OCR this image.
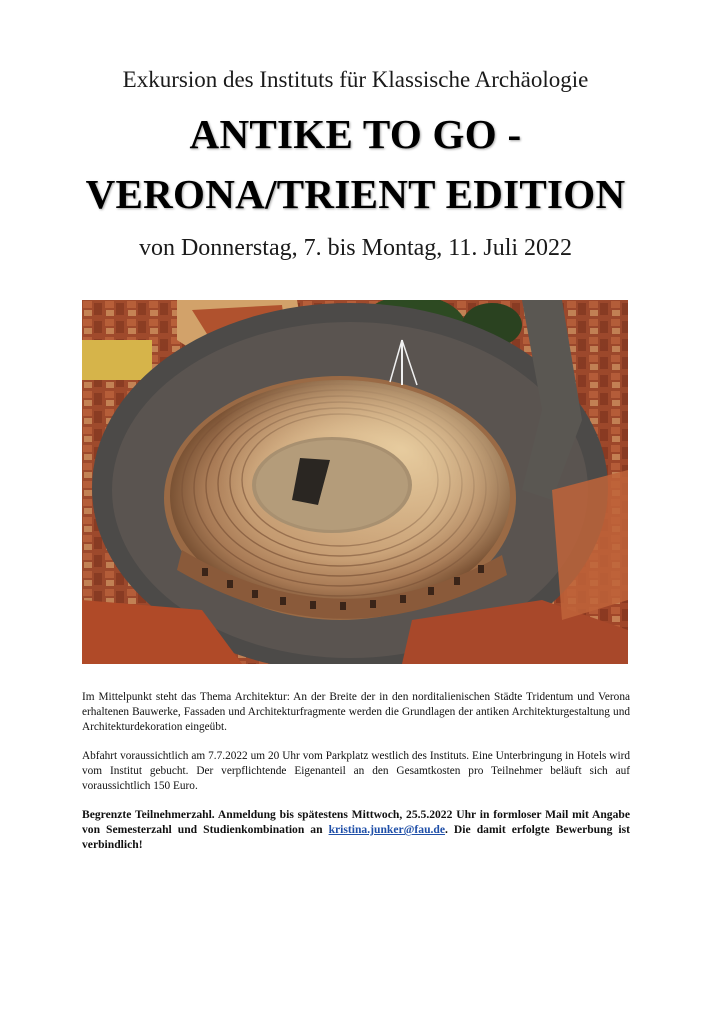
Exkursion des Instituts für Klassische Archäologie
ANTIKE TO GO -
VERONA/TRIENT EDITION
von Donnerstag, 7. bis Montag, 11. Juli 2022

Im Mittelpunkt steht das Thema Architektur: An der Breite der in den norditalienischen Städte Tridentum und Verona erhaltenen Bauwerke, Fassaden und Architekturfragmente werden die Grundlagen der antiken Architekturgestaltung und Architekturdekoration eingeübt.

Abfahrt voraussichtlich am 7.7.2022 um 20 Uhr vom Parkplatz westlich des Instituts. Eine Unterbringung in Hotels wird vom Institut gebucht. Der verpflichtende Eigenanteil an den Gesamtkosten pro Teilnehmer beläuft sich auf voraussichtlich 150 Euro.

Begrenzte Teilnehmerzahl. Anmeldung bis spätestens Mittwoch, 25.5.2022 Uhr in formloser Mail mit Angabe von Semesterzahl und Studienkombination an kristina.junker@fau.de. Die damit erfolgte Bewerbung ist verbindlich!
